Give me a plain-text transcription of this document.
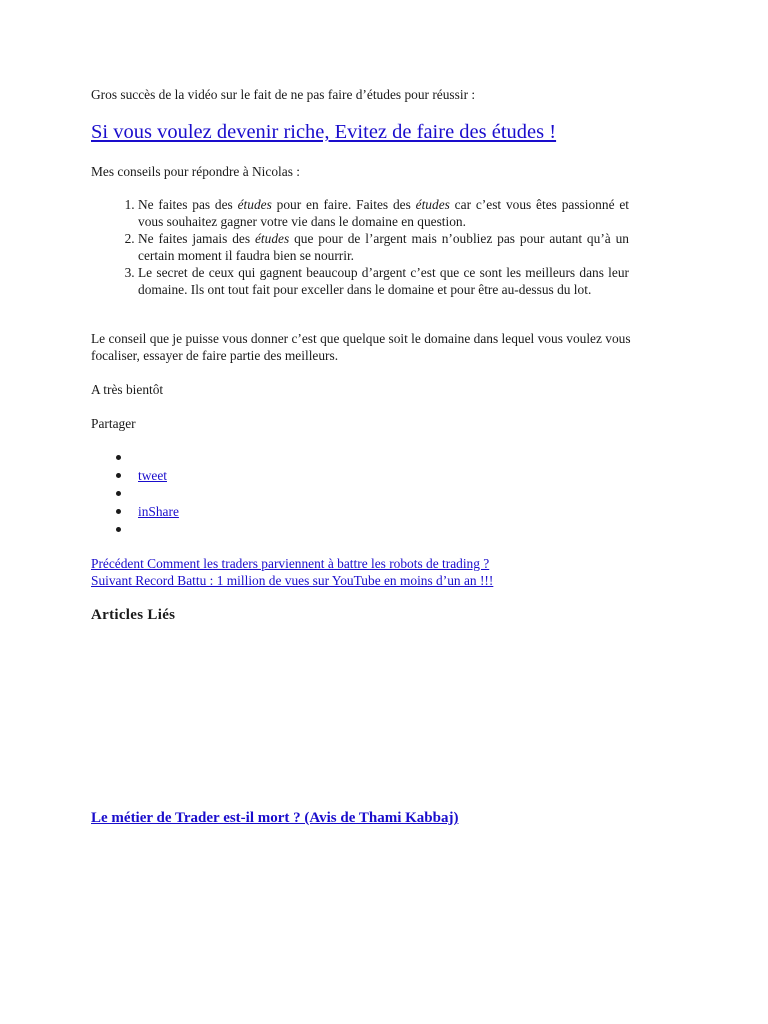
Gros succès de la vidéo sur le fait de ne pas faire d’études pour réussir :

Si vous voulez devenir riche, Evitez de faire des études !

Mes conseils pour répondre à Nicolas :

1. Ne faites pas des études pour en faire. Faites des études car c’est vous êtes passionné et vous souhaitez gagner votre vie dans le domaine en question.
2. Ne faites jamais des études que pour de l’argent mais n’oubliez pas pour autant qu’à un certain moment il faudra bien se nourrir.
3. Le secret de ceux qui gagnent beaucoup d’argent c’est que ce sont les meilleurs dans leur domaine. Ils ont tout fait pour exceller dans le domaine et pour être au-dessus du lot.

Le conseil que je puisse vous donner c’est que quelque soit le domaine dans lequel vous voulez vous focaliser, essayer de faire partie des meilleurs.

A très bientôt

Partager

tweet
inShare
Précédent Comment les traders parviennent à battre les robots de trading ?
Suivant Record Battu : 1 million de vues sur YouTube en moins d’un an !!!
Articles Liés
Le métier de Trader est-il mort ? (Avis de Thami Kabbaj)
